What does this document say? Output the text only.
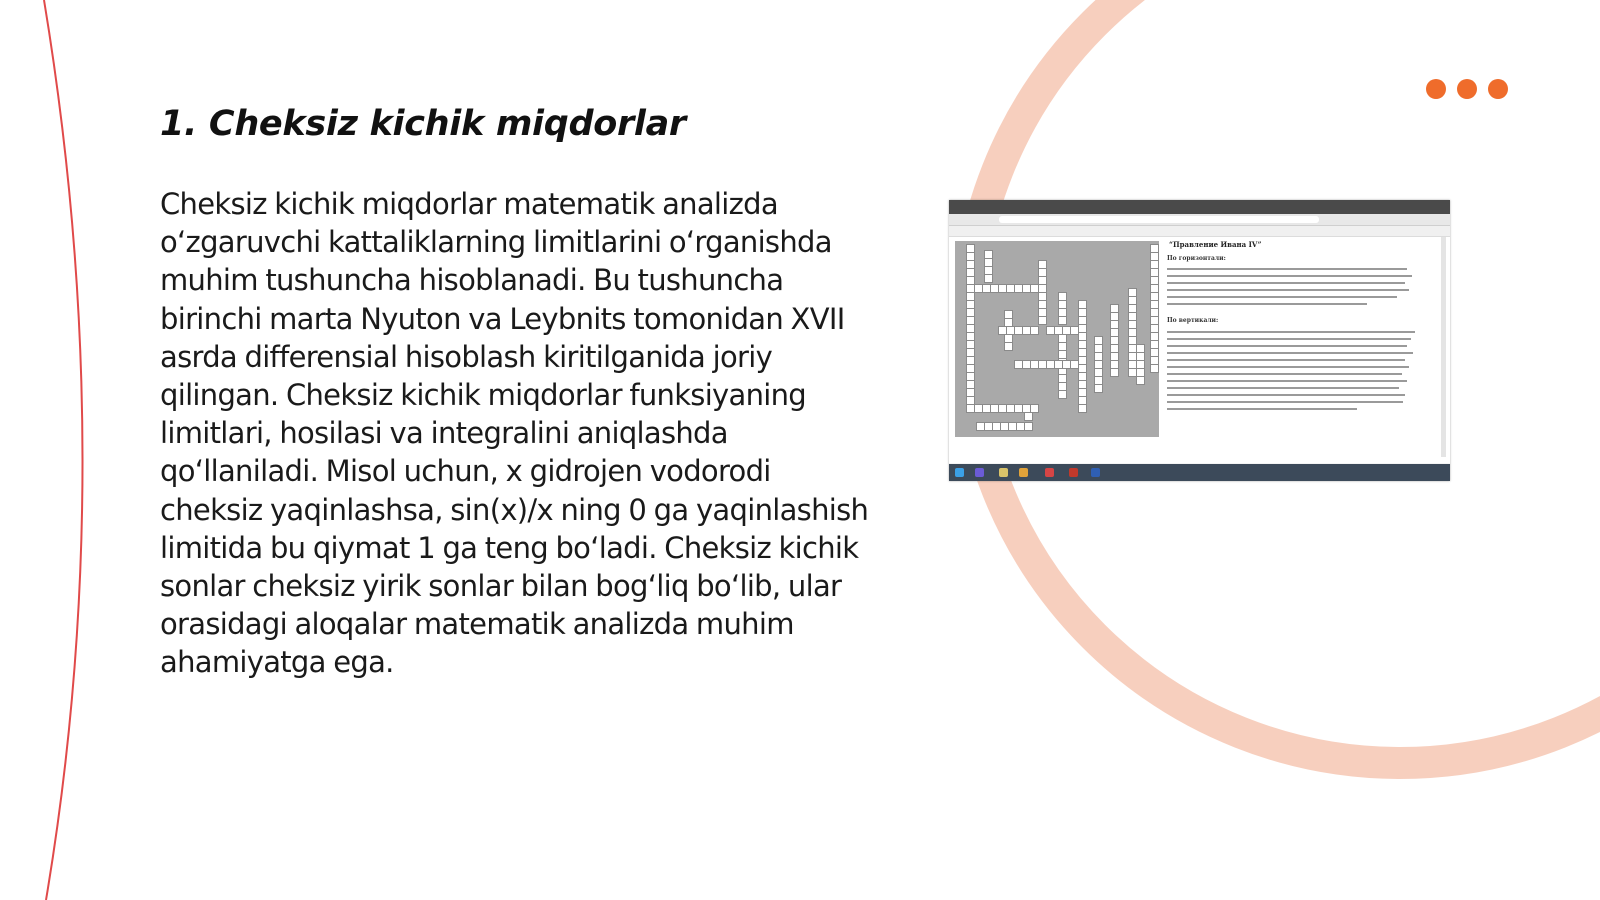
1. Cheksiz kichik miqdorlar

Cheksiz kichik miqdorlar matematik analizda o‘zgaruvchi kattaliklarning limitlarini o‘rganishda muhim tushuncha hisoblanadi. Bu tushuncha birinchi marta Nyuton va Leybnits tomonidan XVII asrda differensial hisoblash kiritilganida joriy qilingan. Cheksiz kichik miqdorlar funksiyaning limitlari, hosilasi va integralini aniqlashda qo‘llaniladi. Misol uchun, x gidrojen vodorodi cheksiz yaqinlashsa, sin(x)/x ning 0 ga yaqinlashish limitida bu qiymat 1 ga teng bo‘ladi. Cheksiz kichik sonlar cheksiz yirik sonlar bilan bog‘liq bo‘lib, ular orasidagi aloqalar matematik analizda muhim ahamiyatga ega.

“Правление Ивана IV”
По горизонтали:
По вертикали:
